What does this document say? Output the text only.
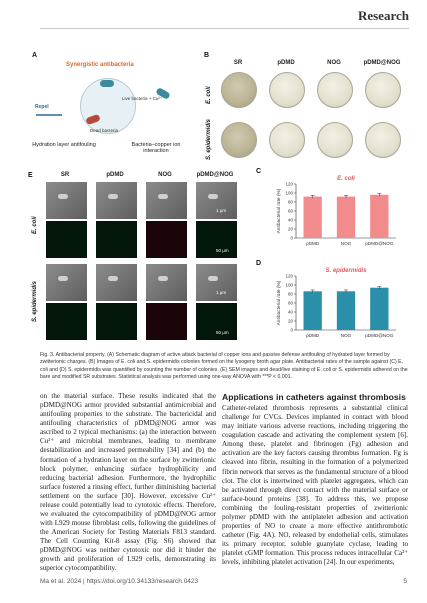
Research
A
Synergistic antibacteria
Live bacteria + Cu²⁺
Dead bacteria
Repel
Hydration layer antifouling	Bacteria–copper ion interaction
B
SR	pDMD	NOG	pDMD@NOG
E. coli
S. epidermidis
E	SR	pDMD	NOG	pDMD@NOG
E. coli
S. epidermidis
1 μm
50 μm
1 μm
50 μm
C
E. coli
0
20
40
60
80
100
120
Antibacterial rate (%)
pDMD	NOG	pDMD@NOG
D
S. epidermidis
0
20
40
60
80
100
120
Antibacterial rate (%)
pDMD	NOG	pDMD@NOG
Fig. 3. Antibacterial property. (A) Schematic diagram of active attack bacterial of copper ions and passive defense antifouling of hydrated layer formed by zwitterionic charges. (B) Images of E. coli and S. epidermidis colonies formed on the lysogeny broth agar plate. Antibacterial rates of the sample against (C) E. coli and (D) S. epidermidis was quantified by counting the number of colonies. (E) SEM images and dead/live staining of E. coli or S. epidermidis adhered on the bare and modified SR substrates. Statistical analysis was performed using one-way ANOVA with ***P < 0.001.
on the material surface. These results indicated that the pDMD@NOG armor provided substantial antimicrobial and antifouling properties to the substrate. The bactericidal and antifouling characteristics of pDMD@NOG armor was ascribed to 2 typical mechanisms: (a) the interaction between Cu²⁺ and microbial membranes, leading to membrane destabilization and increased permeability [34] and (b) the formation of a hydration layer on the surface by zwitterionic block polymer, enhancing surface hydrophilicity and reducing bacterial adhesion. Furthermore, the hydrophilic surface fostered a rinsing effect, further diminishing bacterial settlement on the surface [30]. However, excessive Cu²⁺ release could potentially lead to cytotoxic effects. Therefore, we evaluated the cytocompatibility of pDMD@NOG armor with L929 mouse fibroblast cells, following the guidelines of the American Society for Testing Materials F813 standard. The Cell Counting Kit-8 assay (Fig. S6) showed that pDMD@NOG was neither cytotoxic nor did it hinder the growth and proliferation of L929 cells, demonstrating its superior cytocompatibility.
Applications in catheters against thrombosis
Catheter-related thrombosis represents a substantial clinical challenge for CVCs. Devices implanted in contact with blood may initiate various adverse reactions, including triggering the coagulation cascade and activating the complement system [6]. Among these, platelet and fibrinogen (Fg) adhesion and activation are the key factors causing thrombus formation. Fg is cleaved into fibrin, resulting in the formation of a polymerized fibrin network that serves as the fundamental structure of a blood clot. The clot is intertwined with platelet aggregates, which can be activated through direct contact with the material surface or surface-bound proteins [38]. To address this, we propose combining the fouling-resistant properties of zwitterionic polymer pDMD with the antiplatelet adhesion and activation properties of NO to create a more effective antithrombotic catheter (Fig. 4A). NO, released by endothelial cells, stimulates its primary receptor, soluble guanylate cyclase, leading to platelet cGMP formation. This process reduces intracellular Ca²⁺ levels, inhibiting platelet activation [24]. In our experiments,
Ma et al. 2024 | https://doi.org/10.34133/research.0423	5
